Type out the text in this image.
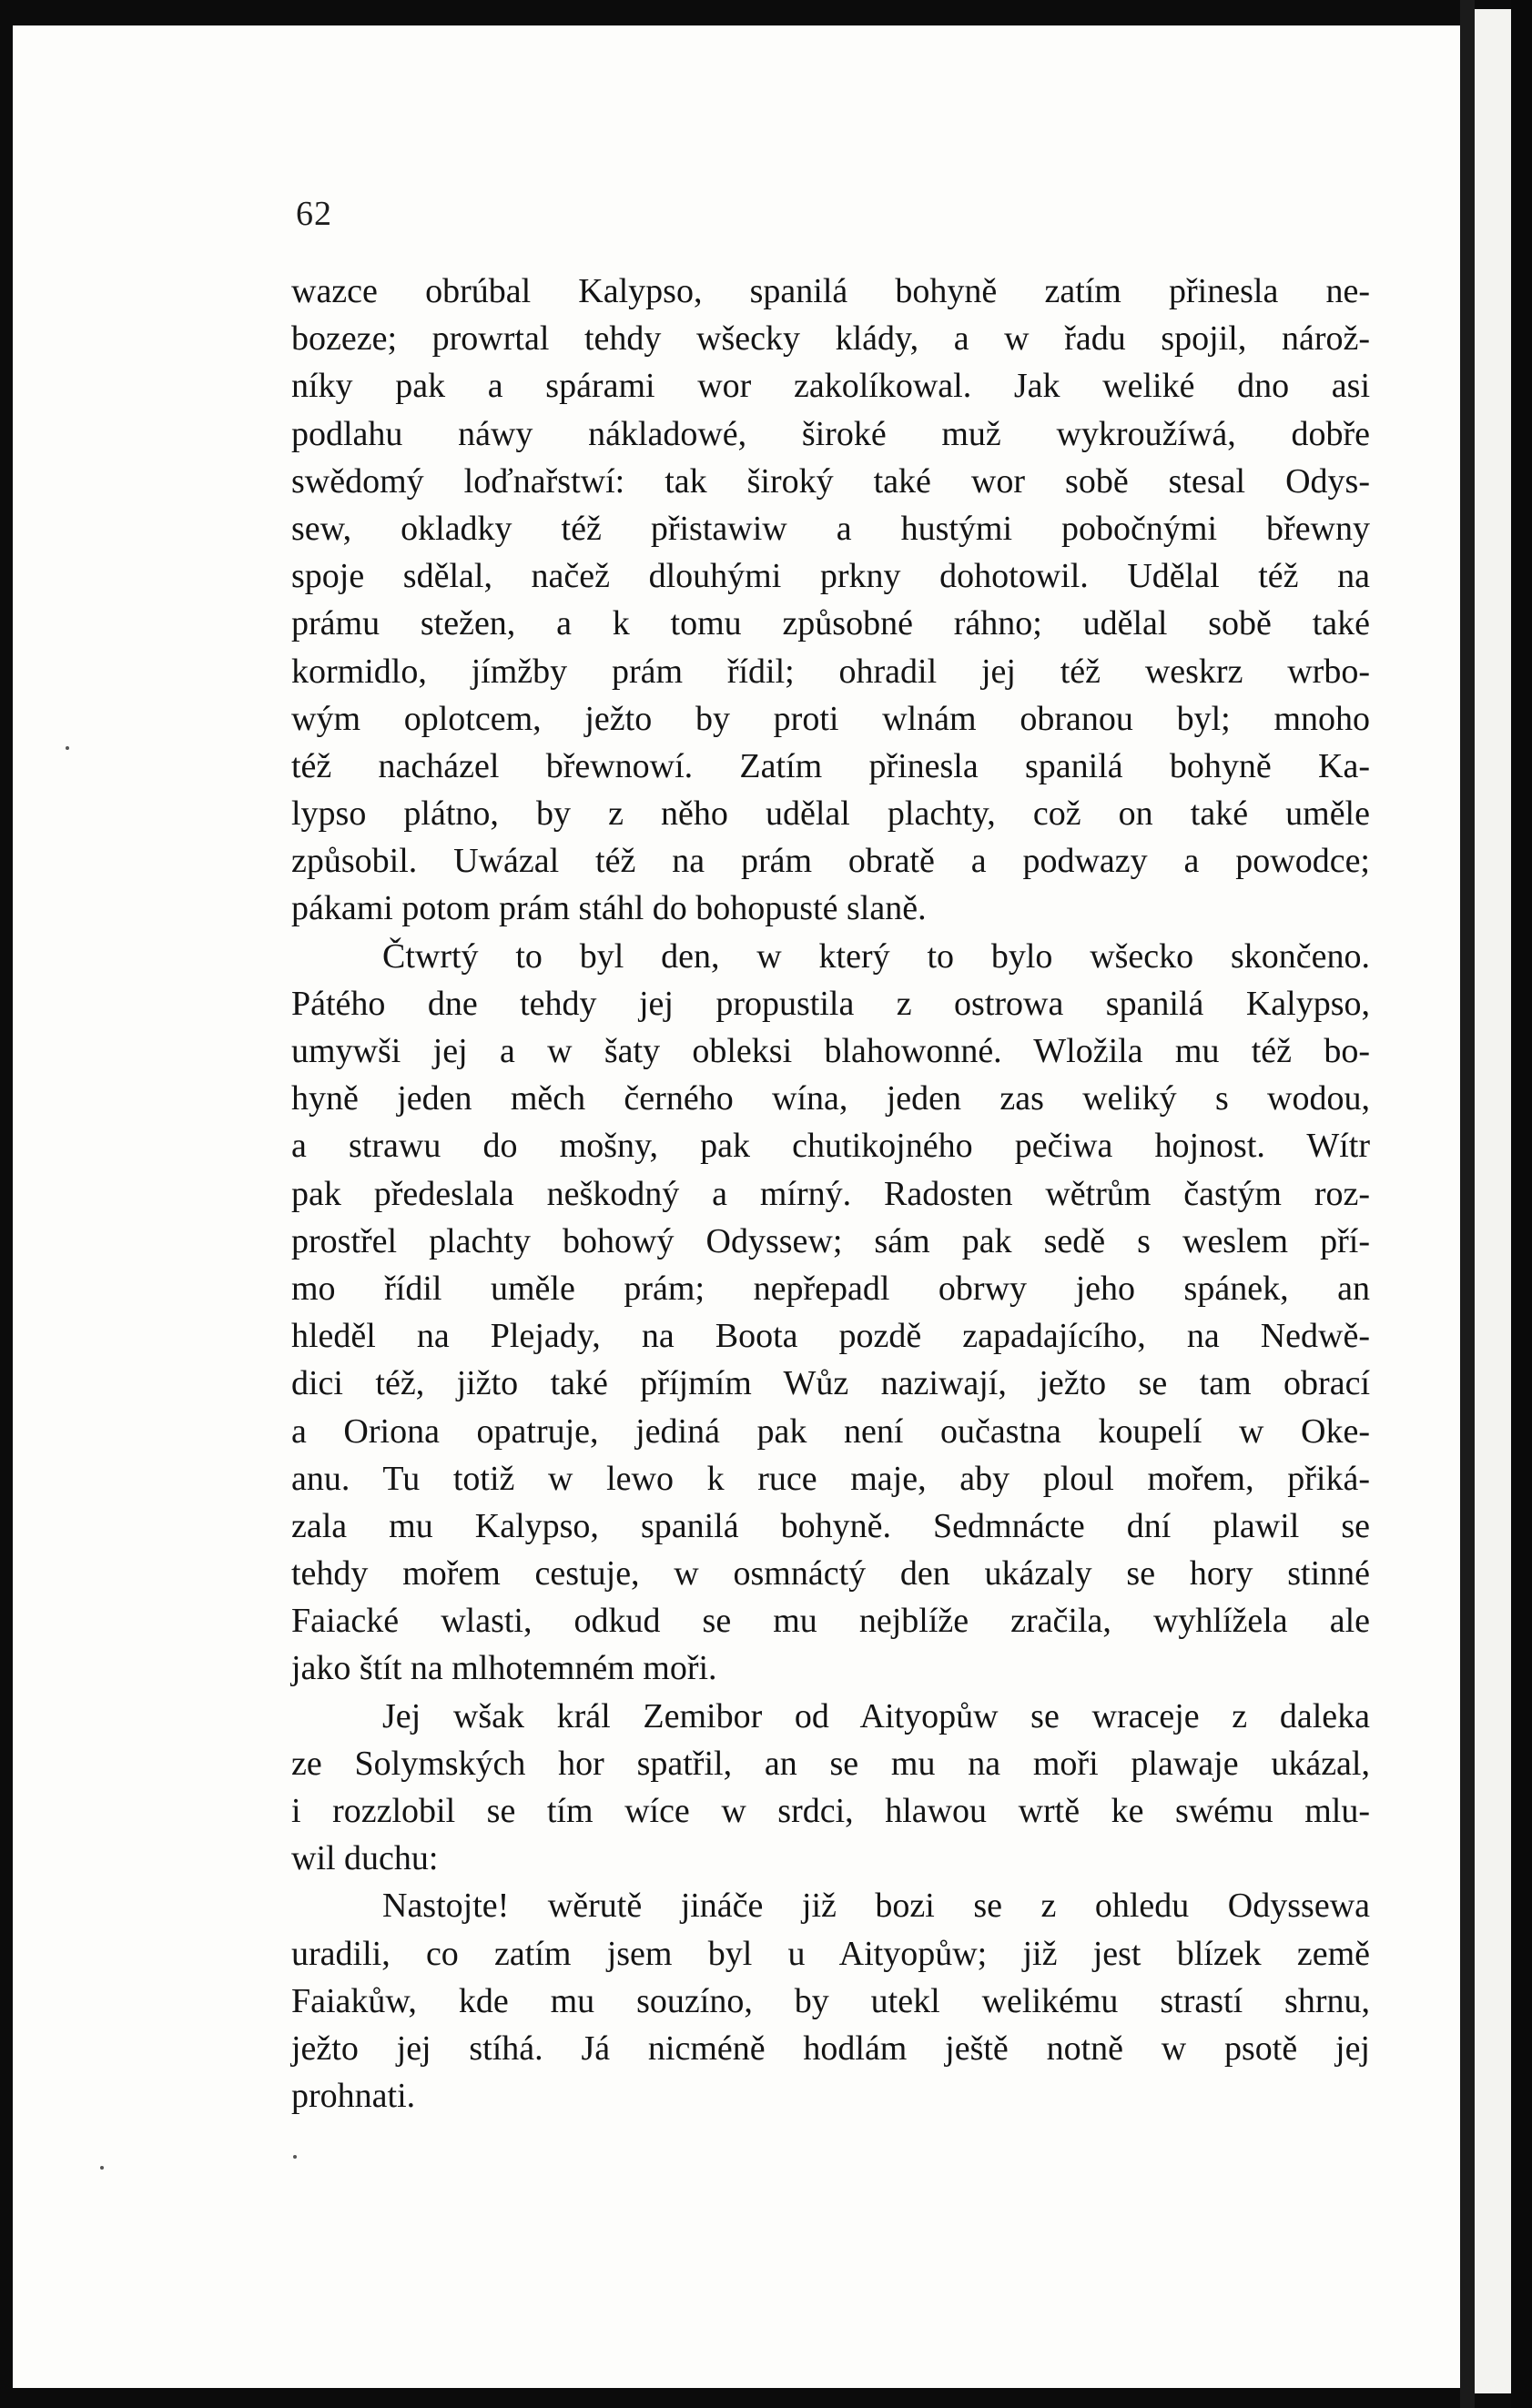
62
wazce obrúbal Kalypso, spanilá bohyně zatím přinesla ne-
bozeze; prowrtal tehdy wšecky klády, a w řadu spojil, nárož-
níky pak a spárami wor zakolíkowal. Jak weliké dno asi
podlahu náwy nákladowé, široké muž wykroužíwá, dobře
swědomý loďnařstwí: tak široký také wor sobě stesal Odys-
sew, okladky též přistawiw a hustými pobočnými břewny
spoje sdělal, načež dlouhými prkny dohotowil. Udělal též na
prámu stežen, a k tomu způsobné ráhno; udělal sobě také
kormidlo, jímžby prám řídil; ohradil jej též weskrz wrbo-
wým oplotcem, ježto by proti wlnám obranou byl; mnoho
též nacházel břewnowí. Zatím přinesla spanilá bohyně Ka-
lypso plátno, by z něho udělal plachty, což on také uměle
způsobil. Uwázal též na prám obratě a podwazy a powodce;
pákami potom prám stáhl do bohopusté slaně.
Čtwrtý to byl den, w který to bylo wšecko skončeno.
Pátého dne tehdy jej propustila z ostrowa spanilá Kalypso,
umywši jej a w šaty obleksi blahowonné. Wložila mu též bo-
hyně jeden měch černého wína, jeden zas weliký s wodou,
a strawu do mošny, pak chutikojného pečiwa hojnost. Wítr
pak předeslala neškodný a mírný. Radosten wětrům častým roz-
prostřel plachty bohowý Odyssew; sám pak sedě s weslem pří-
mo řídil uměle prám; nepřepadl obrwy jeho spánek, an
hleděl na Plejady, na Boota pozdě zapadajícího, na Nedwě-
dici též, jižto také příjmím Wůz naziwají, ježto se tam obrací
a Oriona opatruje, jediná pak není oučastna koupelí w Oke-
anu. Tu totiž w lewo k ruce maje, aby ploul mořem, přiká-
zala mu Kalypso, spanilá bohyně. Sedmnácte dní plawil se
tehdy mořem cestuje, w osmnáctý den ukázaly se hory stinné
Faiacké wlasti, odkud se mu nejblíže zračila, wyhlížela ale
jako štít na mlhotemném moři.
Jej wšak král Zemibor od Aityopůw se wraceje z daleka
ze Solymských hor spatřil, an se mu na moři plawaje ukázal,
i rozzlobil se tím wíce w srdci, hlawou wrtě ke swému mlu-
wil duchu:
Nastojte! wěrutě jináče již bozi se z ohledu Odyssewa
uradili, co zatím jsem byl u Aityopůw; již jest blízek země
Faiakůw, kde mu souzíno, by utekl welikému strastí shrnu,
ježto jej stíhá. Já nicméně hodlám ještě notně w psotě jej
prohnati.
